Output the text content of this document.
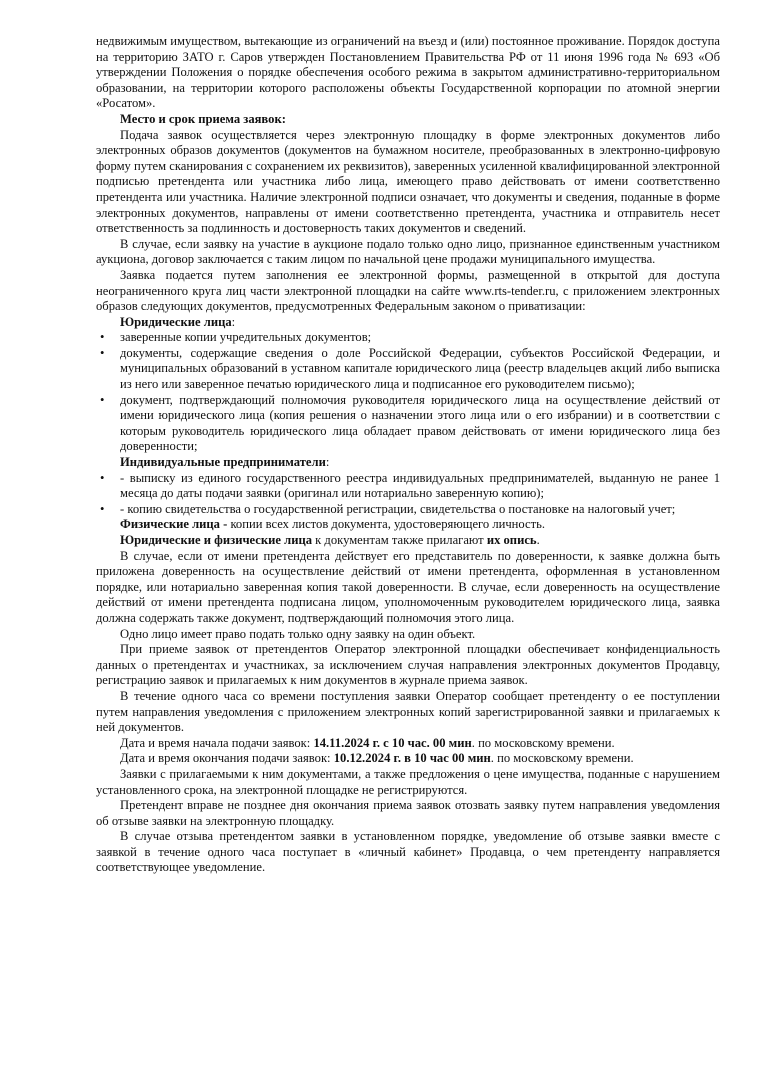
недвижимым имуществом, вытекающие из ограничений на въезд и (или) постоянное проживание. Порядок доступа на территорию ЗАТО г. Саров утвержден Постановлением Правительства РФ от 11 июня 1996 года № 693 «Об утверждении Положения о порядке обеспечения особого режима в закрытом административно-территориальном образовании, на территории которого расположены объекты Государственной корпорации по атомной энергии «Росатом».

Место и срок приема заявок:

Подача заявок осуществляется через электронную площадку в форме электронных документов либо электронных образов документов (документов на бумажном носителе, преобразованных в электронно-цифровую форму путем сканирования с сохранением их реквизитов), заверенных усиленной квалифицированной электронной подписью претендента или участника либо лица, имеющего право действовать от имени соответственно претендента или участника. Наличие электронной подписи означает, что документы и сведения, поданные в форме электронных документов, направлены от имени соответственно претендента, участника и отправитель несет ответственность за подлинность и достоверность таких документов и сведений.

В случае, если заявку на участие в аукционе подало только одно лицо, признанное единственным участником аукциона, договор заключается с таким лицом по начальной цене продажи муниципального имущества.

Заявка подается путем заполнения ее электронной формы, размещенной в открытой для доступа неограниченного круга лиц части электронной площадки на сайте www.rts-tender.ru, с приложением электронных образов следующих документов, предусмотренных Федеральным законом о приватизации:

Юридические лица:

• заверенные копии учредительных документов;
• документы, содержащие сведения о доле Российской Федерации, субъектов Российской Федерации, и муниципальных образований в уставном капитале юридического лица (реестр владельцев акций либо выписка из него или заверенное печатью юридического лица и подписанное его руководителем письмо);
• документ, подтверждающий полномочия руководителя юридического лица на осуществление действий от имени юридического лица (копия решения о назначении этого лица или о его избрании) и в соответствии с которым руководитель юридического лица обладает правом действовать от имени юридического лица без доверенности;

Индивидуальные предприниматели:

• - выписку из единого государственного реестра индивидуальных предпринимателей, выданную не ранее 1 месяца до даты подачи заявки (оригинал или нотариально заверенную копию);
• - копию свидетельства о государственной регистрации, свидетельства о постановке на налоговый учет;

Физические лица - копии всех листов документа, удостоверяющего личность.

Юридические и физические лица к документам также прилагают их опись.

В случае, если от имени претендента действует его представитель по доверенности, к заявке должна быть приложена доверенность на осуществление действий от имени претендента, оформленная в установленном порядке, или нотариально заверенная копия такой доверенности. В случае, если доверенность на осуществление действий от имени претендента подписана лицом, уполномоченным руководителем юридического лица, заявка должна содержать также документ, подтверждающий полномочия этого лица.

Одно лицо имеет право подать только одну заявку на один объект.

При приеме заявок от претендентов Оператор электронной площадки обеспечивает конфиденциальность данных о претендентах и участниках, за исключением случая направления электронных документов Продавцу, регистрацию заявок и прилагаемых к ним документов в журнале приема заявок.

В течение одного часа со времени поступления заявки Оператор сообщает претенденту о ее поступлении путем направления уведомления с приложением электронных копий зарегистрированной заявки и прилагаемых к ней документов.

Дата и время начала подачи заявок: 14.11.2024 г. с 10 час. 00 мин. по московскому времени.

Дата и время окончания подачи заявок: 10.12.2024 г. в 10 час 00 мин. по московскому времени.

Заявки с прилагаемыми к ним документами, а также предложения о цене имущества, поданные с нарушением установленного срока, на электронной площадке не регистрируются.

Претендент вправе не позднее дня окончания приема заявок отозвать заявку путем направления уведомления об отзыве заявки на электронную площадку.

В случае отзыва претендентом заявки в установленном порядке, уведомление об отзыве заявки вместе с заявкой в течение одного часа поступает в «личный кабинет» Продавца, о чем претенденту направляется соответствующее уведомление.
